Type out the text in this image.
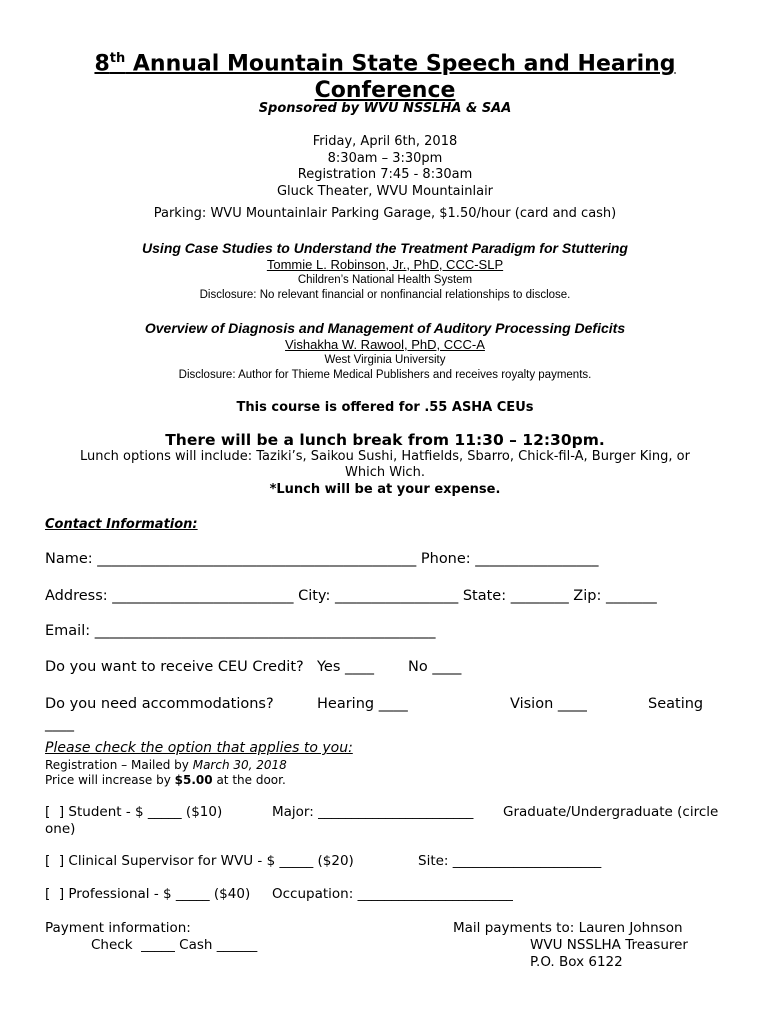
8th Annual Mountain State Speech and Hearing
Conference
Sponsored by WVU NSSLHA & SAA
Friday, April 6th, 2018
8:30am – 3:30pm
Registration 7:45 - 8:30am
Gluck Theater, WVU Mountainlair
Parking: WVU Mountainlair Parking Garage, $1.50/hour (card and cash)
Using Case Studies to Understand the Treatment Paradigm for Stuttering
Tommie L. Robinson, Jr., PhD, CCC-SLP
Children’s National Health System
Disclosure: No relevant financial or nonfinancial relationships to disclose.
Overview of Diagnosis and Management of Auditory Processing Deficits
Vishakha W. Rawool, PhD, CCC-A
West Virginia University
Disclosure: Author for Thieme Medical Publishers and receives royalty payments.
This course is offered for .55 ASHA CEUs
There will be a lunch break from 11:30 – 12:30pm.
Lunch options will include: Taziki’s, Saikou Sushi, Hatfields, Sbarro, Chick-fil-A, Burger King, or
Which Wich.
*Lunch will be at your expense.
Contact Information:
Name: ____________________________________________ Phone: _________________
Address: _________________________ City: _________________ State: ________ Zip: _______
Email: _______________________________________________
Do you want to receive CEU Credit? Yes ____ No ____
Do you need accommodations?	Hearing ____	Vision ____	Seating
____
Please check the option that applies to you:
Registration – Mailed by March 30, 2018
Price will increase by $5.00 at the door.
[  ] Student - $ _____ ($10)	Major: _______________________ Graduate/Undergraduate (circle
one)
[  ] Clinical Supervisor for WVU - $ _____ ($20)	Site: ______________________
[  ] Professional - $ _____ ($40) Occupation: _______________________
Payment information:
Check  _____ Cash ______
Mail payments to: Lauren Johnson
WVU NSSLHA Treasurer
P.O. Box 6122
